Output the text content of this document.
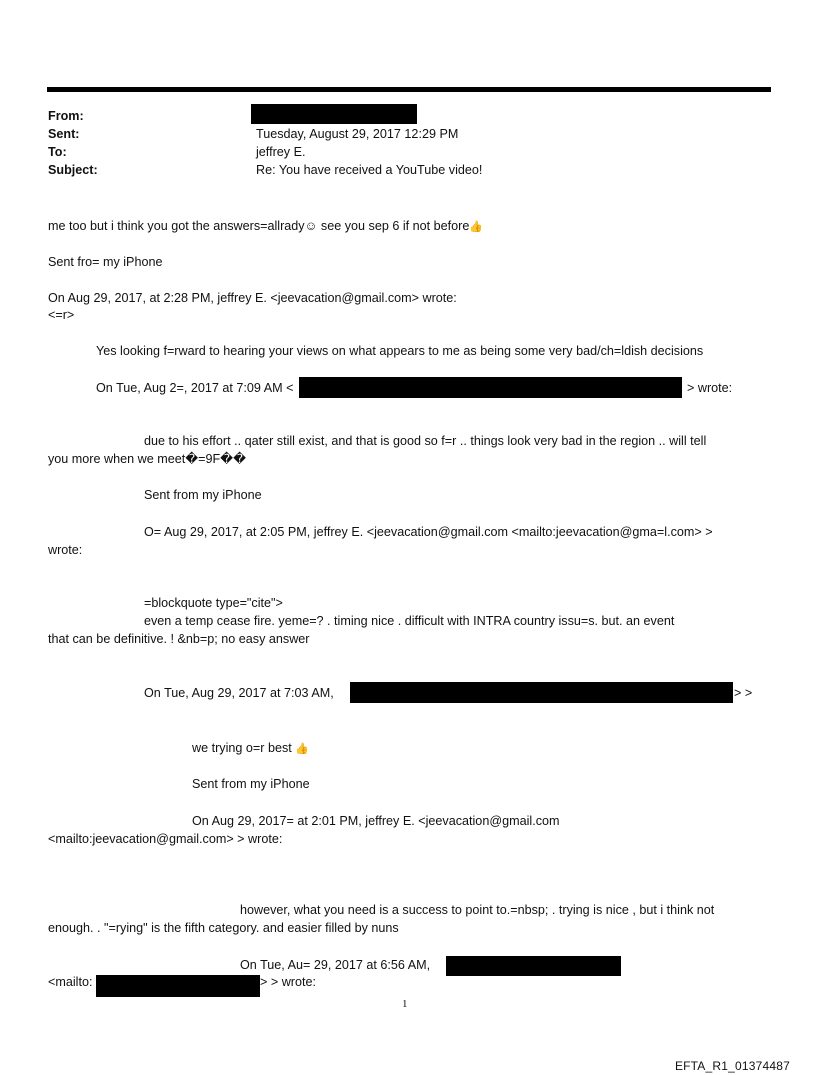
From:
Sent:	Tuesday, August 29, 2017 12:29 PM
To:	jeffrey E.
Subject:	Re: You have received a YouTube video!
me too but i think you got the answers=allrady☺ see you sep 6 if not before👍
Sent fro= my iPhone
On Aug 29, 2017, at 2:28 PM, jeffrey E. <jeevacation@gmail.com> wrote:
<=r>
Yes looking f=rward to hearing your views on what appears to me as being some very bad/ch=ldish decisions
On Tue, Aug 2=, 2017 at 7:09 AM <	> wrote:
due to his effort .. qater still exist, and that is good so f=r .. things look very bad in the region .. will tell
you more when we meet�=9F��
Sent from my iPhone
O= Aug 29, 2017, at 2:05 PM, jeffrey E. <jeevacation@gmail.com <mailto:jeevacation@gma=l.com> >
wrote:
=blockquote type="cite">
even a temp cease fire. yeme=? . timing nice . difficult with INTRA country issu=s. but. an event
that can be definitive. ! &nb=p; no easy answer
On Tue, Aug 29, 2017 at 7:03 AM,	> >
we trying o=r best 👍
Sent from my iPhone
On Aug 29, 2017= at 2:01 PM, jeffrey E. <jeevacation@gmail.com
<mailto:jeevacation@gmail.com> > wrote:
however, what you need is a success to point to.=nbsp; . trying is nice , but i think not
enough. . "=rying" is the fifth category. and easier filled by nuns
On Tue, Au= 29, 2017 at 6:56 AM,
<mailto:	> > wrote:
1
EFTA_R1_01374487
